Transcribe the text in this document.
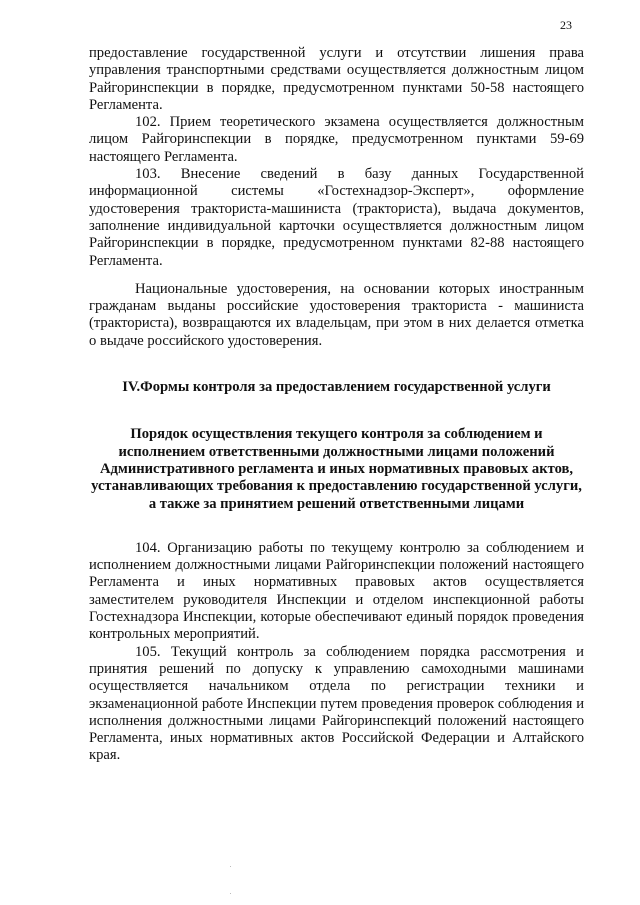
23

предоставление государственной услуги и отсутствии лишения права управления транспортными средствами осуществляется должностным лицом Райгоринспекции в порядке, предусмотренном пунктами 50-58 настоящего Регламента.

102. Прием теоретического экзамена осуществляется должностным лицом Райгоринспекции в порядке, предусмотренном пунктами 59-69 настоящего Регламента.

103. Внесение сведений в базу данных Государственной информационной системы «Гостехнадзор-Эксперт», оформление удостоверения тракториста-машиниста (тракториста), выдача документов, заполнение индивидуальной карточки осуществляется должностным лицом Райгоринспекции в порядке, предусмотренном пунктами 82-88 настоящего Регламента.

Национальные удостоверения, на основании которых иностранным гражданам выданы российские удостоверения тракториста - машиниста (тракториста), возвращаются их владельцам, при этом в них делается отметка о выдаче российского удостоверения.

IV.Формы контроля за предоставлением государственной услуги
Порядок осуществления текущего контроля за соблюдением и исполнением ответственными должностными лицами положений Административного регламента и иных нормативных правовых актов, устанавливающих требования к предоставлению государственной услуги, а также за принятием решений ответственными лицами

104. Организацию работы по текущему контролю за соблюдением и исполнением должностными лицами Райгоринспекции положений настоящего Регламента и иных нормативных правовых актов осуществляется заместителем руководителя Инспекции и отделом инспекционной работы Гостехнадзора Инспекции, которые обеспечивают единый порядок проведения контрольных мероприятий.

105. Текущий контроль за соблюдением порядка рассмотрения и принятия решений по допуску к управлению самоходными машинами осуществляется начальником отдела по регистрации техники и экзаменационной работе Инспекции путем проведения проверок соблюдения и исполнения должностными лицами Райгоринспекций положений настоящего Регламента, иных нормативных актов Российской Федерации и Алтайского края.
